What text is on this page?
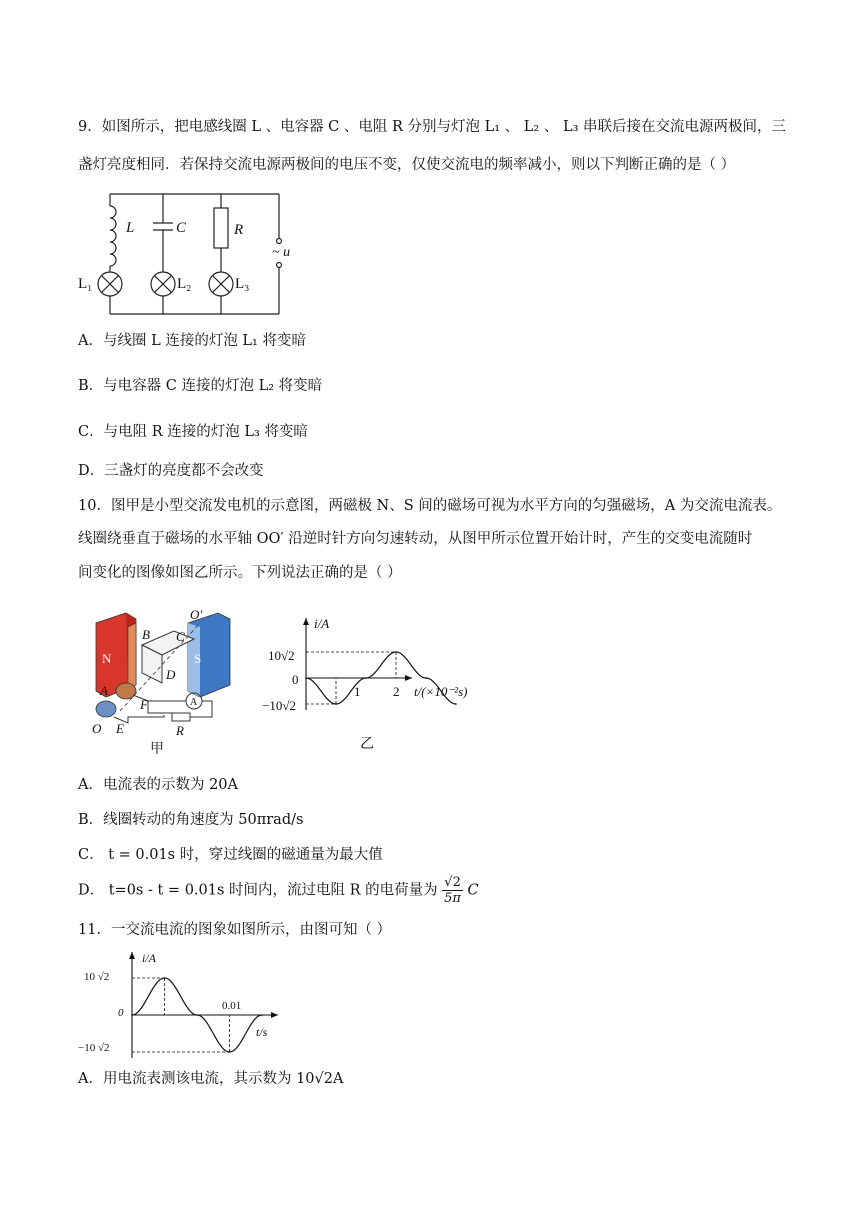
9．如图所示，把电感线圈 L 、电容器 C 、电阻 R 分别与灯泡 L₁ 、 L₂ 、 L₃ 串联后接在交流电源两极间，三
盏灯亮度相同．若保持交流电源两极间的电压不变，仅使交流电的频率减小，则以下判断正确的是（ ）
L	C	R
~ u
L₁	L₂	L₃
A．与线圈 L 连接的灯泡 L₁ 将变暗
B．与电容器 C 连接的灯泡 L₂ 将变暗
C．与电阻 R 连接的灯泡 L₃ 将变暗
D．三盏灯的亮度都不会改变
10．图甲是小型交流发电机的示意图，两磁极 N、S 间的磁场可视为水平方向的匀强磁场，A 为交流电流表。
线圈绕垂直于磁场的水平轴 OO′ 沿逆时针方向匀速转动，从图甲所示位置开始计时，产生的交变电流随时
间变化的图像如图乙所示。下列说法正确的是（ ）
N	S
B C
D
O′
A
F
O E	R
A
甲
i/A
t/(×10⁻²s)
10√2
0
−10√2
1	2
乙
A．电流表的示数为 20A
B．线圈转动的角速度为 50πrad/s
C． t = 0.01s 时，穿过线圈的磁通量为最大值
D． t=0s - t = 0.01s 时间内，流过电阻 R 的电荷量为 $\frac{√2}{5\pi}$ C
11．一交流电流的图象如图所示，由图可知（ ）
i/A
t/s
10 √2
0
−10 √2
0.01
A．用电流表测该电流，其示数为 10√2A
